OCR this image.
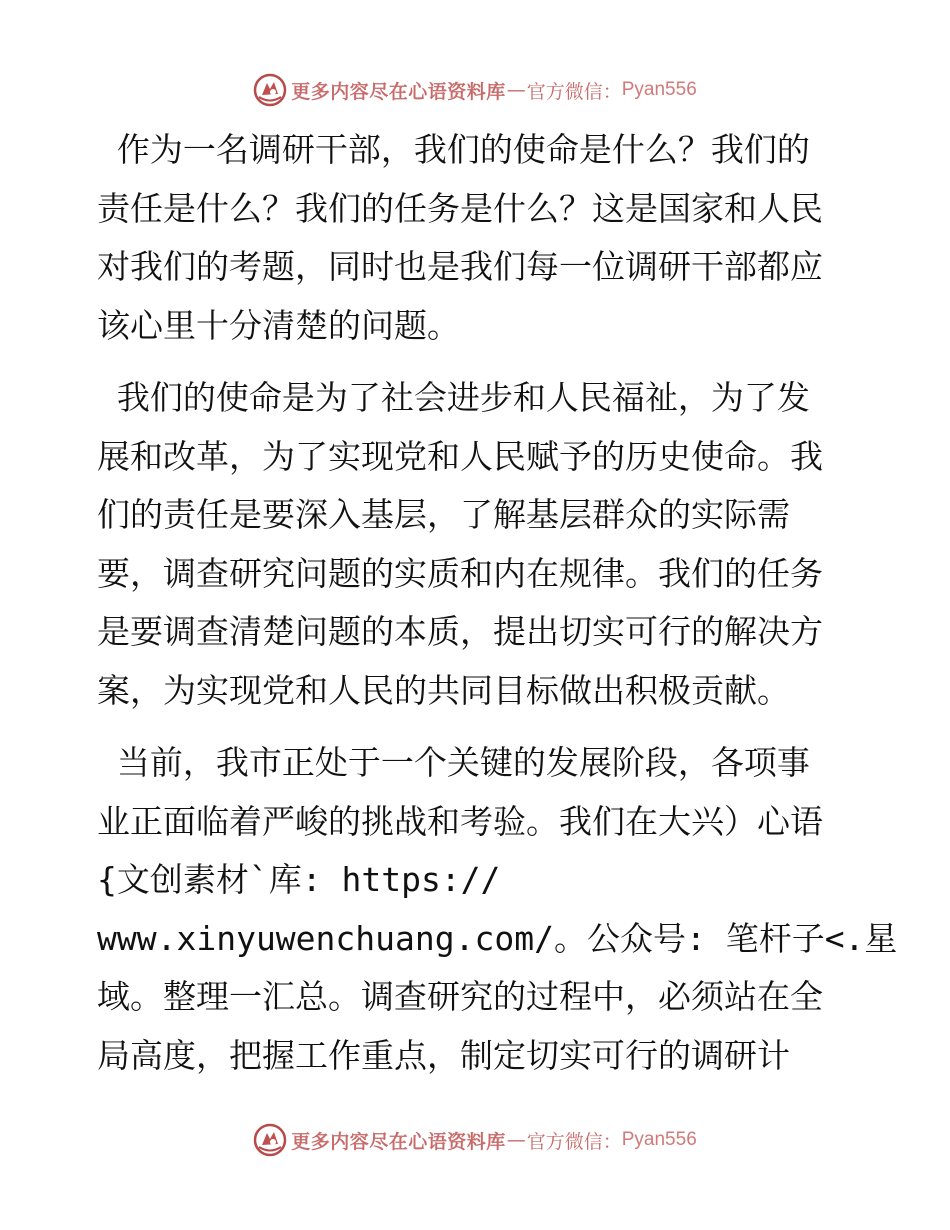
更多内容尽在心语资料库 — 官方微信： Pyan556
作为一名调研干部，我们的使命是什么？我们的
责任是什么？我们的任务是什么？这是国家和人民
对我们的考题，同时也是我们每一位调研干部都应
该心里十分清楚的问题。
我们的使命是为了社会进步和人民福祉，为了发
展和改革，为了实现党和人民赋予的历史使命。我
们的责任是要深入基层，了解基层群众的实际需
要，调查研究问题的实质和内在规律。我们的任务
是要调查清楚问题的本质，提出切实可行的解决方
案，为实现党和人民的共同目标做出积极贡献。
当前，我市正处于一个关键的发展阶段，各项事
业正面临着严峻的挑战和考验。我们在大兴）心语
{文创素材`库: https://
www.xinyuwenchuang.com/。公众号: 笔杆子<.星
域。整理一汇总。调查研究的过程中，必须站在全
局高度，把握工作重点，制定切实可行的调研计
更多内容尽在心语资料库 — 官方微信： Pyan556
